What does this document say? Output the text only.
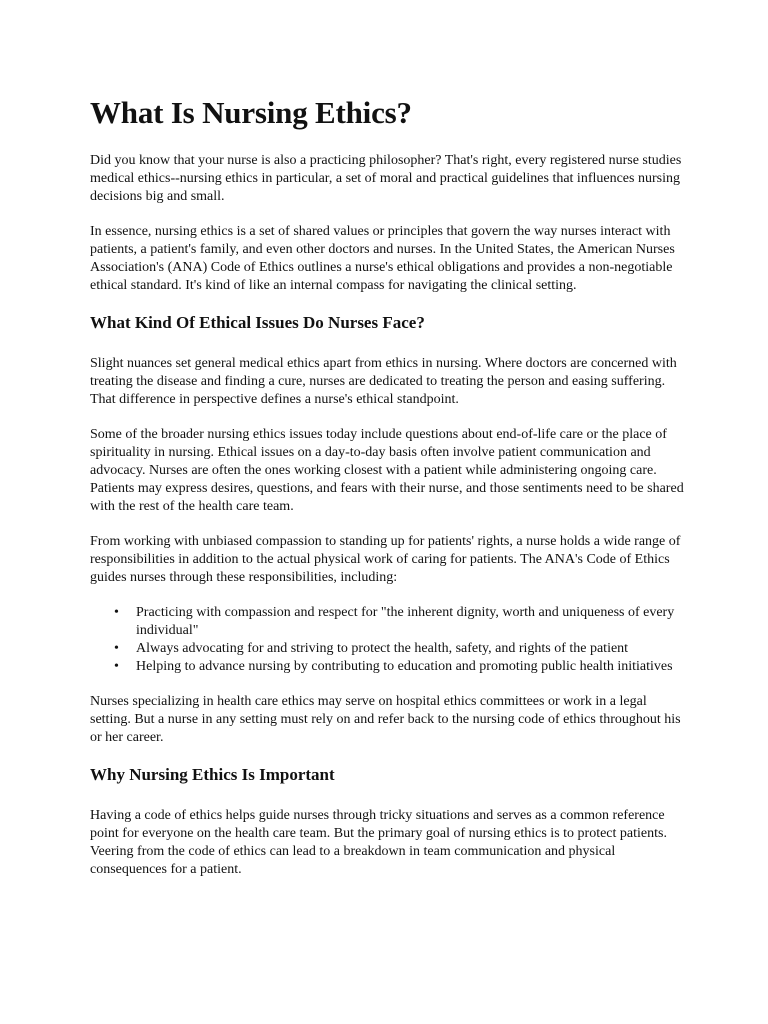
What Is Nursing Ethics?

Did you know that your nurse is also a practicing philosopher? That's right, every registered nurse studies medical ethics--nursing ethics in particular, a set of moral and practical guidelines that influences nursing decisions big and small.

In essence, nursing ethics is a set of shared values or principles that govern the way nurses interact with patients, a patient's family, and even other doctors and nurses. In the United States, the American Nurses Association's (ANA) Code of Ethics outlines a nurse's ethical obligations and provides a non-negotiable ethical standard. It's kind of like an internal compass for navigating the clinical setting.

What Kind Of Ethical Issues Do Nurses Face?

Slight nuances set general medical ethics apart from ethics in nursing. Where doctors are concerned with treating the disease and finding a cure, nurses are dedicated to treating the person and easing suffering. That difference in perspective defines a nurse's ethical standpoint.

Some of the broader nursing ethics issues today include questions about end-of-life care or the place of spirituality in nursing. Ethical issues on a day-to-day basis often involve patient communication and advocacy. Nurses are often the ones working closest with a patient while administering ongoing care. Patients may express desires, questions, and fears with their nurse, and those sentiments need to be shared with the rest of the health care team.

From working with unbiased compassion to standing up for patients' rights, a nurse holds a wide range of responsibilities in addition to the actual physical work of caring for patients. The ANA's Code of Ethics guides nurses through these responsibilities, including:

• Practicing with compassion and respect for "the inherent dignity, worth and uniqueness of every individual"
• Always advocating for and striving to protect the health, safety, and rights of the patient
• Helping to advance nursing by contributing to education and promoting public health initiatives

Nurses specializing in health care ethics may serve on hospital ethics committees or work in a legal setting. But a nurse in any setting must rely on and refer back to the nursing code of ethics throughout his or her career.

Why Nursing Ethics Is Important

Having a code of ethics helps guide nurses through tricky situations and serves as a common reference point for everyone on the health care team. But the primary goal of nursing ethics is to protect patients. Veering from the code of ethics can lead to a breakdown in team communication and physical consequences for a patient.
